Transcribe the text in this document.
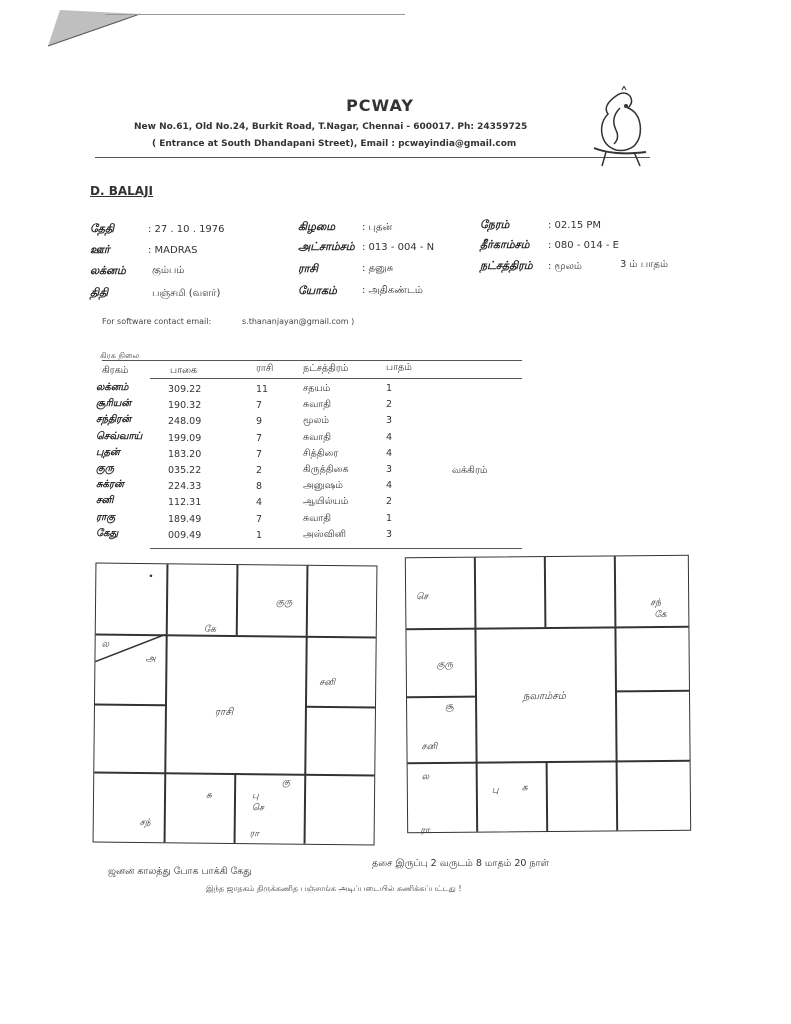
PCWAY
New No.61, Old No.24, Burkit Road, T.Nagar, Chennai - 600017. Ph: 24359725
( Entrance at South Dhandapani Street), Email : pcwayindia@gmail.com
D. BALAJI
தேதி	: 27 . 10 . 1976	கிழமை	: புதன்	நேரம்	: 02.15 PM
ஊர்	: MADRAS	அட்சாம்சம் : 013 - 004 - N	தீர்காம்சம் : 080 - 014 - E
லக்னம்	கும்பம்	ராசி	: தனுசு	நட்சத்திரம் : மூலம்	3 ம் பாதம்
திதி	பஞ்சமி (வளர்)	யோகம்	: அதிகண்டம்
For software contact email:	s.thananjayan@gmail.com )
கிரக நிலை
கிரகம்	பாகை	ராசி	நட்சத்திரம்	பாதம்
லக்னம்	309.22	11	சதயம்	1
சூரியன்	190.32	7	சுவாதி	2
சந்திரன்	248.09	9	மூலம்	3
செவ்வாய்	199.09	7	சுவாதி	4
புதன்	183.20	7	சித்திரை	4
குரு	035.22	2	கிருத்திகை	3	வக்கிரம்
சுக்ரன்	224.33	8	அனுஷம்	4
சனி	112.31	4	ஆயில்யம்	2
ராகு	189.49	7	சுவாதி	1
கேது	009.49	1	அஸ்வினி	3
•
குரு
கே
ல
அ
சனி
ராசி
சந்
சு	பு
செ
கு
ரா
செ
சந்
கே
குரு
சூ
நவாம்சம்
சனி
ல
ரா
பு	சு
ஜனன காலத்து போக பாக்கி கேது
தசை இருப்பு 2 வருடம் 8 மாதம் 20 நாள்
இந்த ஜாதகம் திருக்கணித பஞ்சாங்க அடிப்படையில் கணிக்கப்பட்டது !
